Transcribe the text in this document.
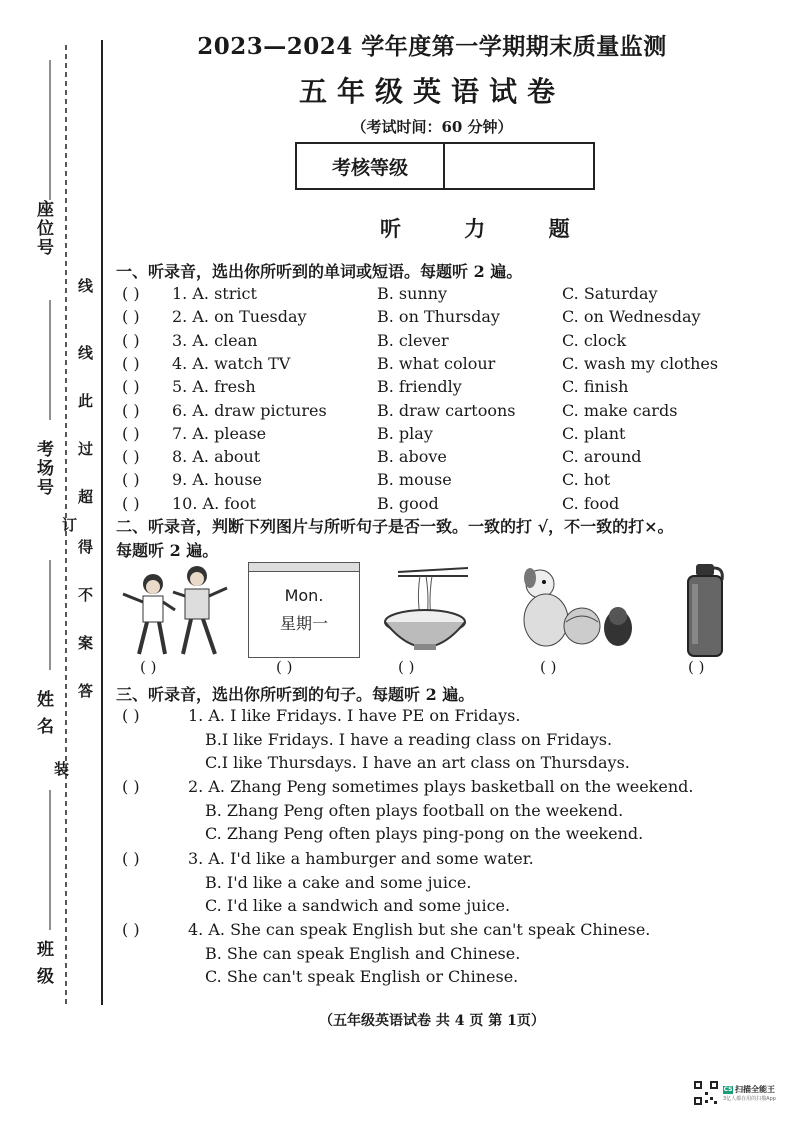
座位号
考场号
姓 名
班 级
线
线
此
过
超
订
得
不
案
答
装
2023—2024 学年度第一学期期末质量监测
五年级英语试卷
（考试时间：60 分钟）
考核等级
听 力 题
一、听录音，选出你所听到的单词或短语。每题听 2 遍。
( ) 1. A. strict	B. sunny	C. Saturday
( ) 2. A. on Tuesday	B. on Thursday	C. on Wednesday
( ) 3. A. clean	B. clever	C. clock
( ) 4. A. watch TV	B. what colour	C. wash my clothes
( ) 5. A. fresh	B. friendly	C. finish
( ) 6. A. draw pictures	B. draw cartoons	C. make cards
( ) 7. A. please	B. play	C. plant
( ) 8. A. about	B. above	C. around
( ) 9. A. house	B. mouse	C. hot
( ) 10. A. foot	B. good	C. food
二、听录音，判断下列图片与所听句子是否一致。一致的打 √，不一致的打×。
每题听 2 遍。
( )
Mon.
星期一
( )	( )	( )	( )
三、听录音，选出你所听到的句子。每题听 2 遍。
( )	1. A. I like Fridays. I have PE on Fridays.
B.I like Fridays. I have a reading class on Fridays.
C.I like Thursdays. I have an art class on Thursdays.
( )	2. A. Zhang Peng sometimes plays basketball on the weekend.
B. Zhang Peng often plays football on the weekend.
C. Zhang Peng often plays ping-pong on the weekend.
( )	3. A. I'd like a hamburger and some water.
B. I'd like a cake and some juice.
C. I'd like a sandwich and some juice.
( )	4. A. She can speak English but she can't speak Chinese.
B. She can speak English and Chinese.
C. She can't speak English or Chinese.
（五年级英语试卷 共 4 页 第 1页）
CS 扫描全能王
3亿人都在用的扫描App
